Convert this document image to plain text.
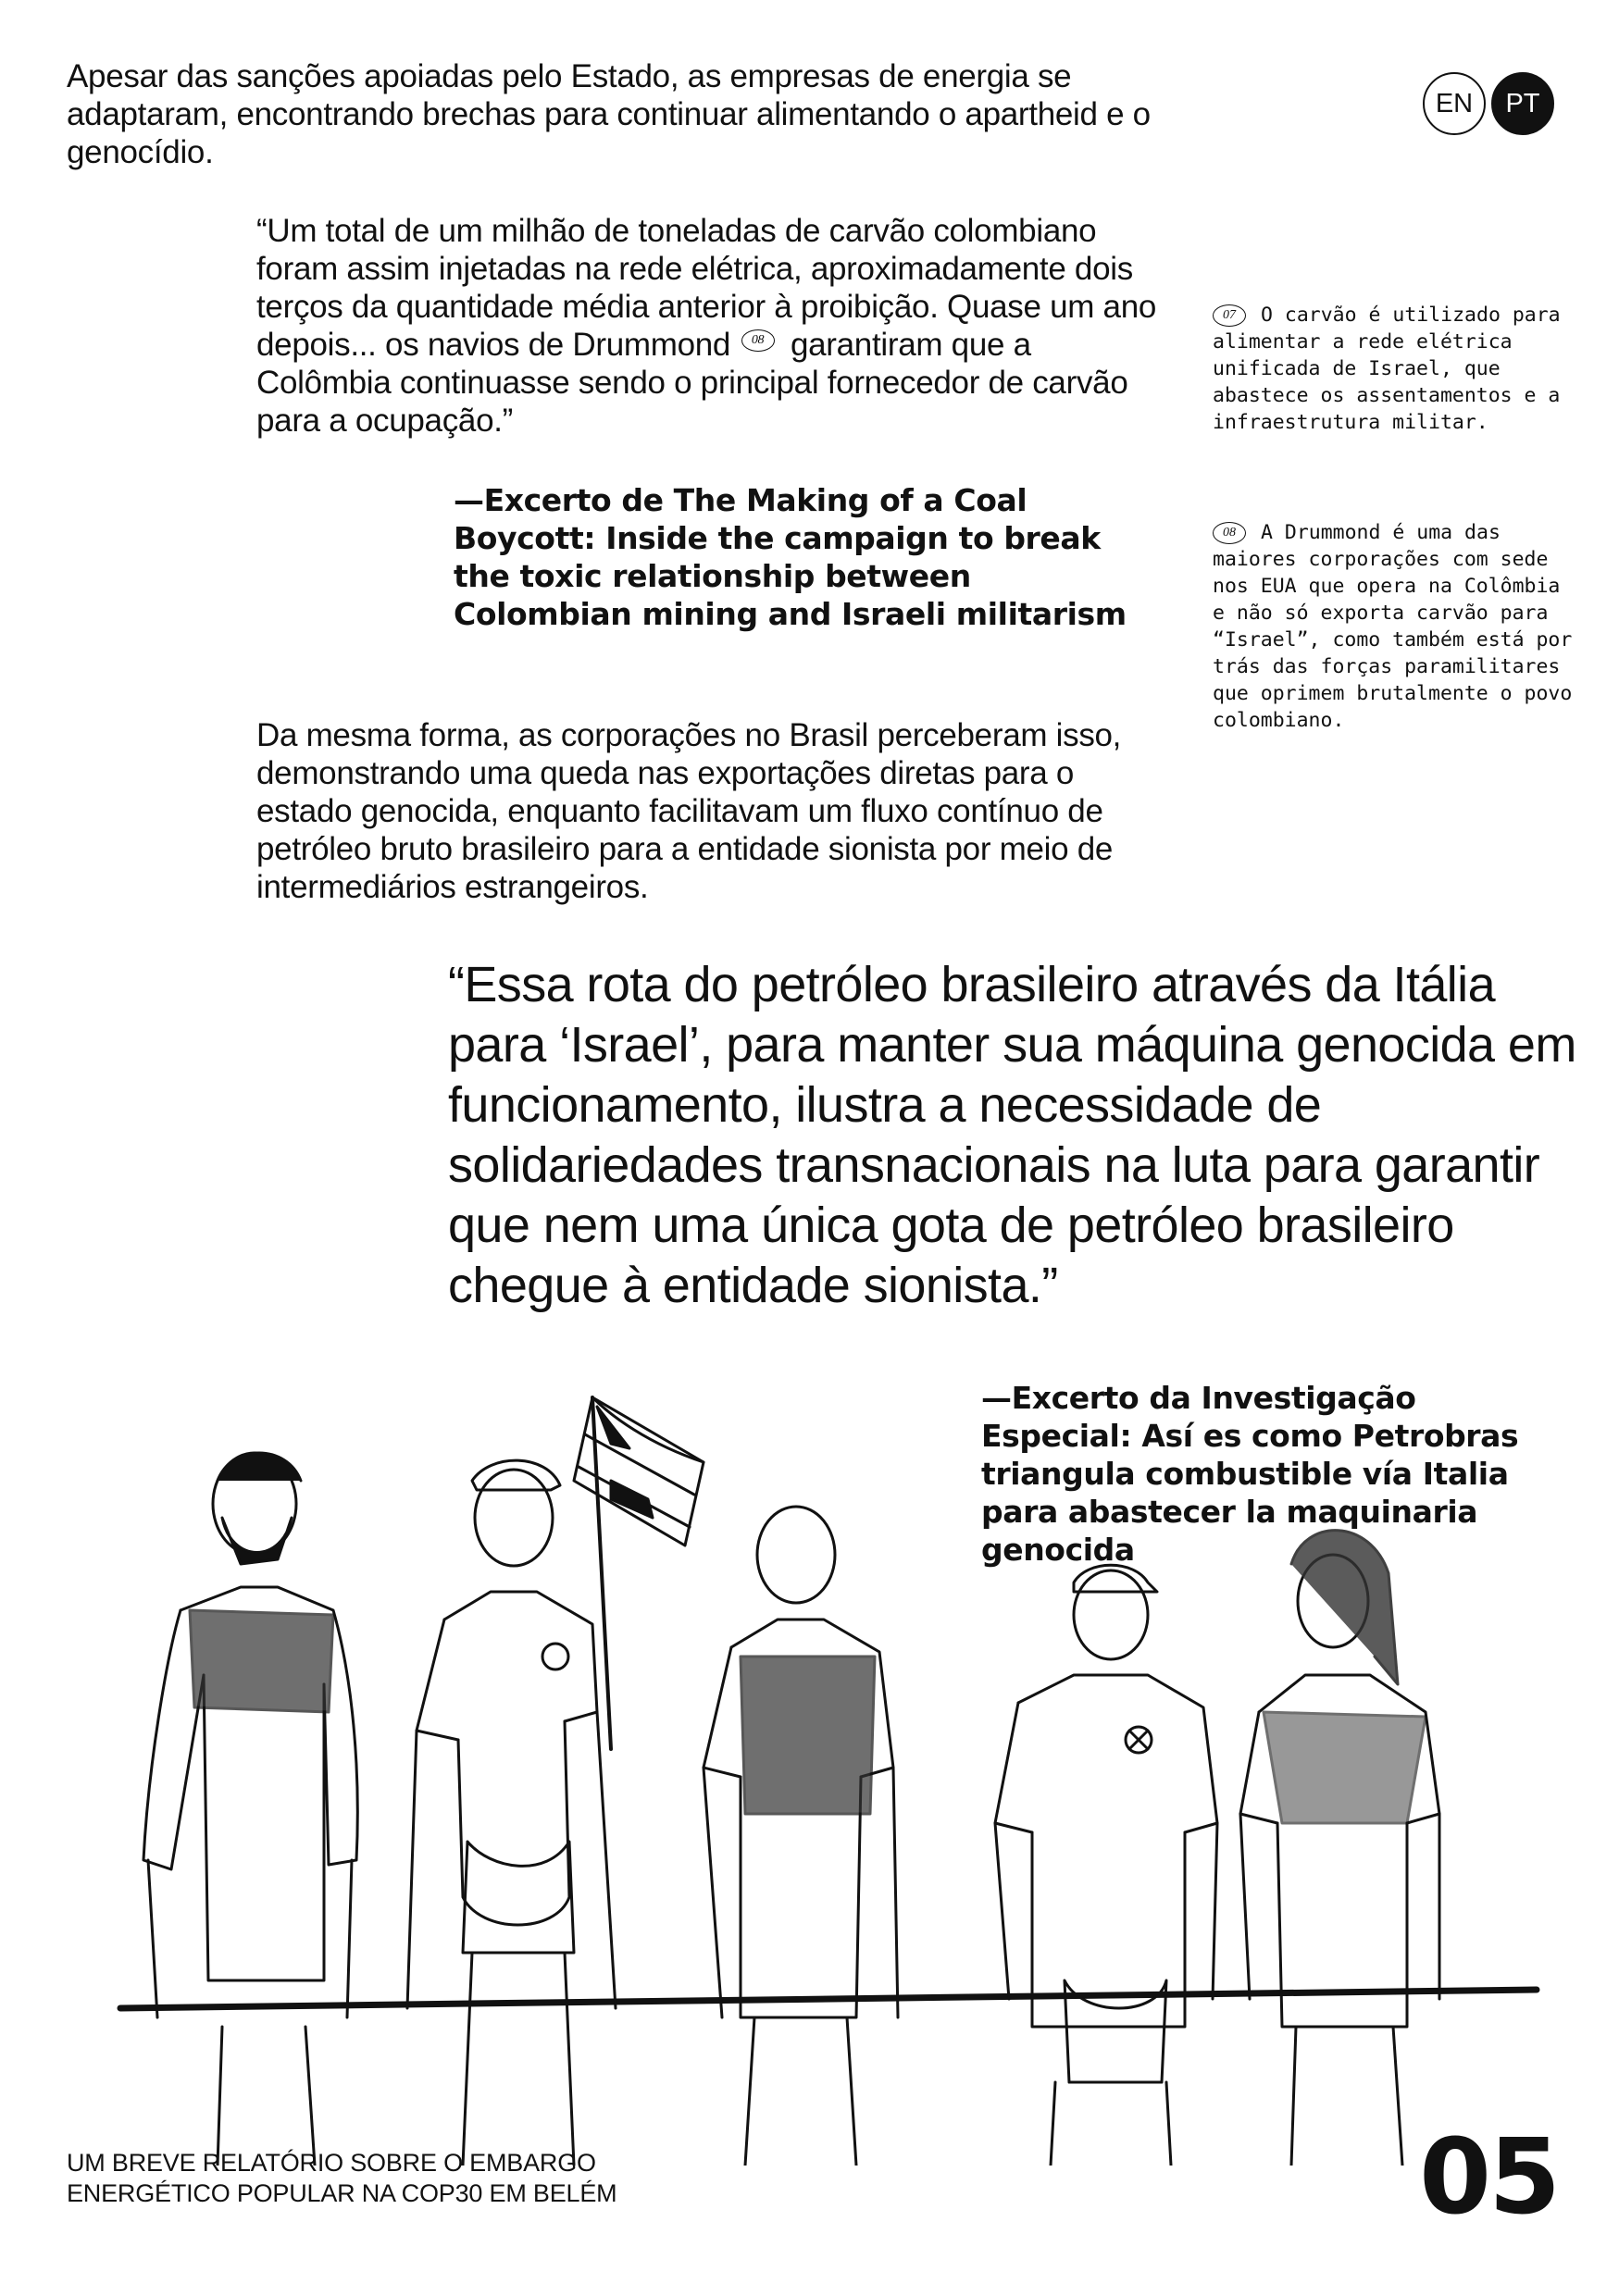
Apesar das sanções apoiadas pelo Estado, as empresas de energia se adaptaram, encontrando brechas para continuar alimentando o apartheid e o genocídio.
EN	PT
“Um total de um milhão de toneladas de carvão colombiano foram assim injetadas na rede elétrica, aproximadamente dois terços da quantidade média anterior à proibição. Quase um ano depois... os navios de Drummond 08 garantiram que a Colômbia continuasse sendo o principal fornecedor de carvão para a ocupação.”
—Excerto de The Making of a Coal Boycott: Inside the campaign to break the toxic relationship between Colombian mining and Israeli militarism

07 O carvão é utilizado para alimentar a rede elétrica unificada de Israel, que abastece os assentamentos e a infraestrutura militar.

08 A Drummond é uma das maiores corporações com sede nos EUA que opera na Colômbia e não só exporta carvão para “Israel”, como também está por trás das forças paramilitares que oprimem brutalmente o povo colombiano.

Da mesma forma, as corporações no Brasil perceberam isso, demonstrando uma queda nas exportações diretas para o estado genocida, enquanto facilitavam um fluxo contínuo de petróleo bruto brasileiro para a entidade sionista por meio de intermediários estrangeiros.
“Essa rota do petróleo brasileiro através da Itália para ‘Israel’, para manter sua máquina genocida em funcionamento, ilustra a necessidade de solidariedades transnacionais na luta para garantir que nem uma única gota de petróleo brasileiro chegue à entidade sionista.”
—Excerto da Investigação Especial: Así es como Petrobras triangula combustible vía Italia para abastecer la maquinaria genocida
UM BREVE RELATÓRIO SOBRE O EMBARGO
ENERGÉTICO POPULAR NA COP30 EM BELÉM	05
